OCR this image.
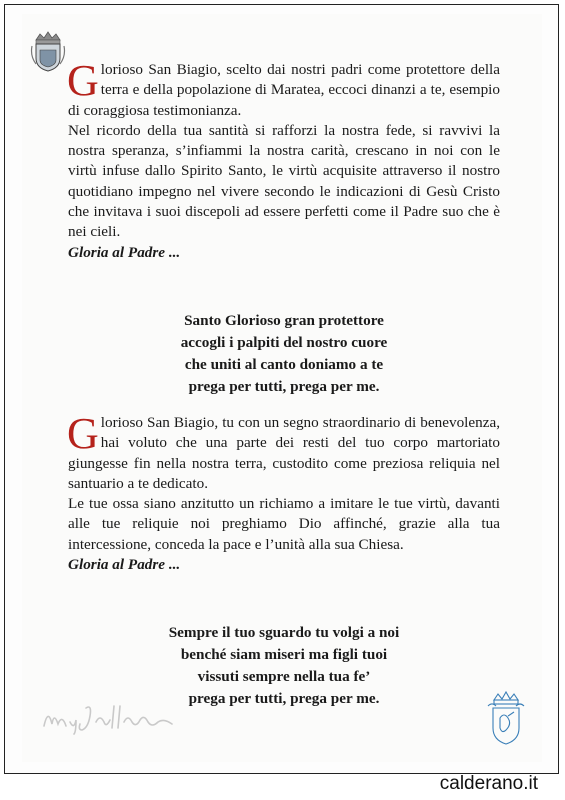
Glorioso San Biagio, scelto dai nostri padri come protettore della terra e della popolazione di Maratea, eccoci dinanzi a te, esempio di coraggiosa testimonianza.

Nel ricordo della tua santità si rafforzi la nostra fede, si ravvivi la nostra speranza, s’infiammi la nostra carità, crescano in noi con le virtù infuse dallo Spirito Santo, le virtù acquisite attraverso il nostro quotidiano impegno nel vivere secondo le indicazioni di Gesù Cristo che invitava i suoi discepoli ad essere perfetti come il Padre suo che è nei cieli.

Gloria al Padre ...

Santo Glorioso gran protettore
accogli i palpiti del nostro cuore
che uniti al canto doniamo a te
prega per tutti, prega per me.

Glorioso San Biagio, tu con un segno straordinario di benevolenza, hai voluto che una parte dei resti del tuo corpo martoriato giungesse fin nella nostra terra, custodito come preziosa reliquia nel santuario a te dedicato.

Le tue ossa siano anzitutto un richiamo a imitare le tue virtù, davanti alle tue reliquie noi preghiamo Dio affinché, grazie alla tua intercessione, conceda la pace e l’unità alla sua Chiesa.

Gloria al Padre ...

Sempre il tuo sguardo tu volgi a noi
benché siam miseri ma figli tuoi
vissuti sempre nella tua fe’
prega per tutti, prega per me.
calderano.it
